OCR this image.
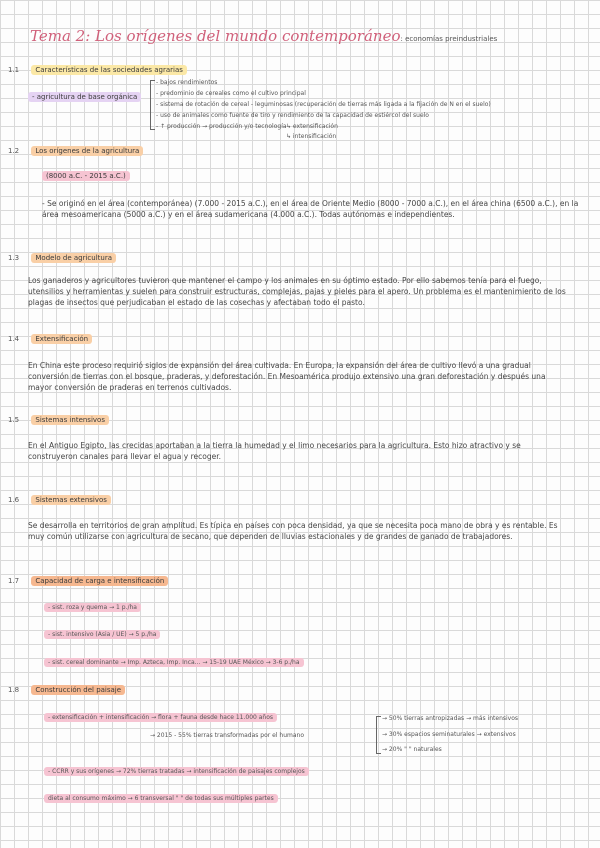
Tema 2: Los orígenes del mundo contemporáneo: economías preindustriales
1.1 Características de las sociedades agrarias
- agricultura de base orgánica
- bajos rendimientos
- predominio de cereales como el cultivo principal
- sistema de rotación de cereal - leguminosas (recuperación de tierras más ligada a la fijación de N en el suelo)
- uso de animales como fuente de tiro y rendimiento de la capacidad de estiércol del suelo
- ↑ producción → producción y/o tecnología ↳ extensificación
↳ intensificación
1.2 Los orígenes de la agricultura
(8000 a.C. - 2015 a.C.)
- Se originó en el área (contemporánea) (7.000 - 2015 a.C.), en el área de Oriente Medio (8000 - 7000 a.C.), en el área china (6500 a.C.), en la área mesoamericana (5000 a.C.) y en el área sudamericana (4.000 a.C.). Todas autónomas e independientes.
1.3 Modelo de agricultura
Los ganaderos y agricultores tuvieron que mantener el campo y los animales en su óptimo estado. Por ello sabemos tenía para el fuego, utensilios y herramientas y suelen para construir estructuras, complejas, pajas y pieles para el apero. Un problema es el mantenimiento de los plagas de insectos que perjudicaban el estado de las cosechas y afectaban todo el pasto.
1.4 Extensificación
En China este proceso requirió siglos de expansión del área cultivada. En Europa, la expansión del área de cultivo llevó a una gradual conversión de tierras con el bosque, praderas, y deforestación. En Mesoamérica produjo extensivo una gran deforestación y después una mayor conversión de praderas en terrenos cultivados.
1.5 Sistemas intensivos
En el Antiguo Egipto, las crecidas aportaban a la tierra la humedad y el limo necesarios para la agricultura. Esto hizo atractivo y se construyeron canales para llevar el agua y recoger.
1.6 Sistemas extensivos
Se desarrolla en territorios de gran amplitud. Es típica en países con poca densidad, ya que se necesita poca mano de obra y es rentable. Es muy común utilizarse con agricultura de secano, que dependen de lluvias estacionales y de grandes de ganado de trabajadores.
1.7 Capacidad de carga e intensificación
- sist. roza y quema → 1 p./ha
- sist. intensivo (Asia / UE) → 5 p./ha
- sist. cereal dominante → Imp. Azteca, Imp. Inca... → 15-19 UAE México → 3-6 p./ha
1.8 Construcción del paisaje
- extensificación + intensificación → flora + fauna desde hace 11.000 años
→ 2015 - 55% tierras transformadas por el humano
→ 50% tierras antropizadas → más intensivos
→ 30% espacios seminaturales → extensivos
→ 20% " " naturales
- CCRR y sus orígenes → 72% tierras tratadas → intensificación de paisajes complejos
dieta al consumo máximo → 6 transversal " " de todas sus múltiples partes
